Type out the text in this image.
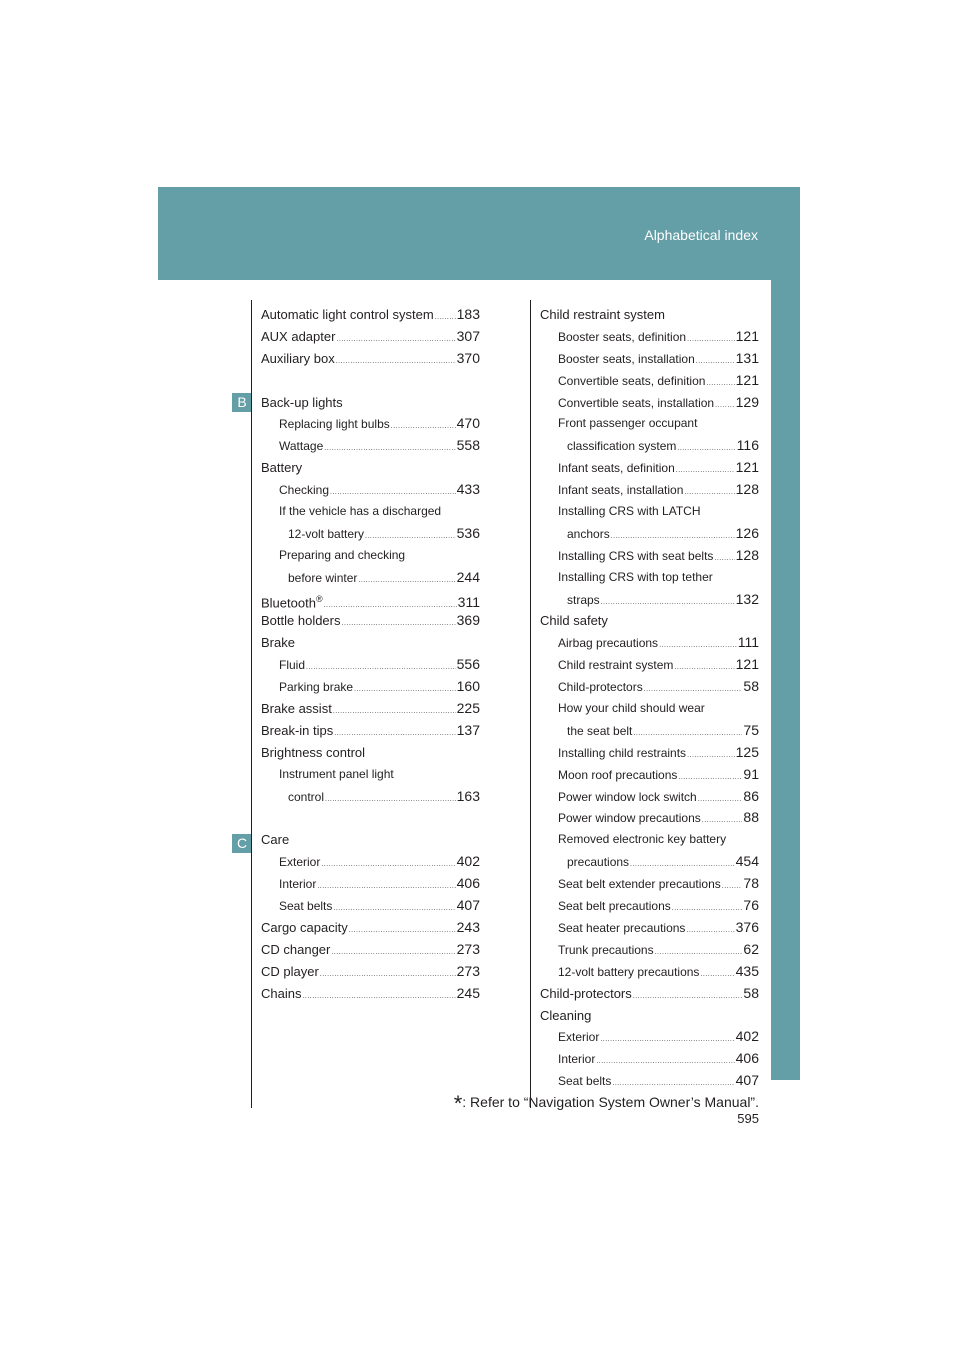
Alphabetical index
B
C
Automatic light control system ..... 183
AUX adapter .....	307
Auxiliary box .....	370
Back-up lights
Replacing light bulbs .....	470
Wattage .....	558
Battery
Checking .....	433
If the vehicle has a discharged
12-volt battery .....	536
Preparing and checking
before winter .....	244
Bluetooth® .....	311
Bottle holders .....	369
Brake
Fluid .....	556
Parking brake .....	160
Brake assist .....	225
Break-in tips .....	137
Brightness control
Instrument panel light
control .....	163
Care
Exterior .....	402
Interior .....	406
Seat belts .....	407
Cargo capacity .....	243
CD changer .....	273
CD player .....	273
Chains .....	245
Child restraint system
Booster seats, definition .....	121
Booster seats, installation .....	131
Convertible seats, definition ..... 121
Convertible seats, installation ..... 129
Front passenger occupant
classification system .....	116
Infant seats, definition .....	121
Infant seats, installation .....	128
Installing CRS with LATCH
anchors .....	126
Installing CRS with seat belts ..... 128
Installing CRS with top tether
straps .....	132
Child safety
Airbag precautions .....	111
Child restraint system .....	121
Child-protectors .....	58
How your child should wear
the seat belt .....	75
Installing child restraints .....	125
Moon roof precautions .....	91
Power window lock switch .....	86
Power window precautions .....	88
Removed electronic key battery
precautions .....	454
Seat belt extender precautions ..... 78
Seat belt precautions .....	76
Seat heater precautions .....	376
Trunk precautions .....	62
12-volt battery precautions .....	435
Child-protectors .....	58
Cleaning
Exterior .....	402
Interior .....	406
Seat belts .....	407
*: Refer to “Navigation System Owner’s Manual”.
595
